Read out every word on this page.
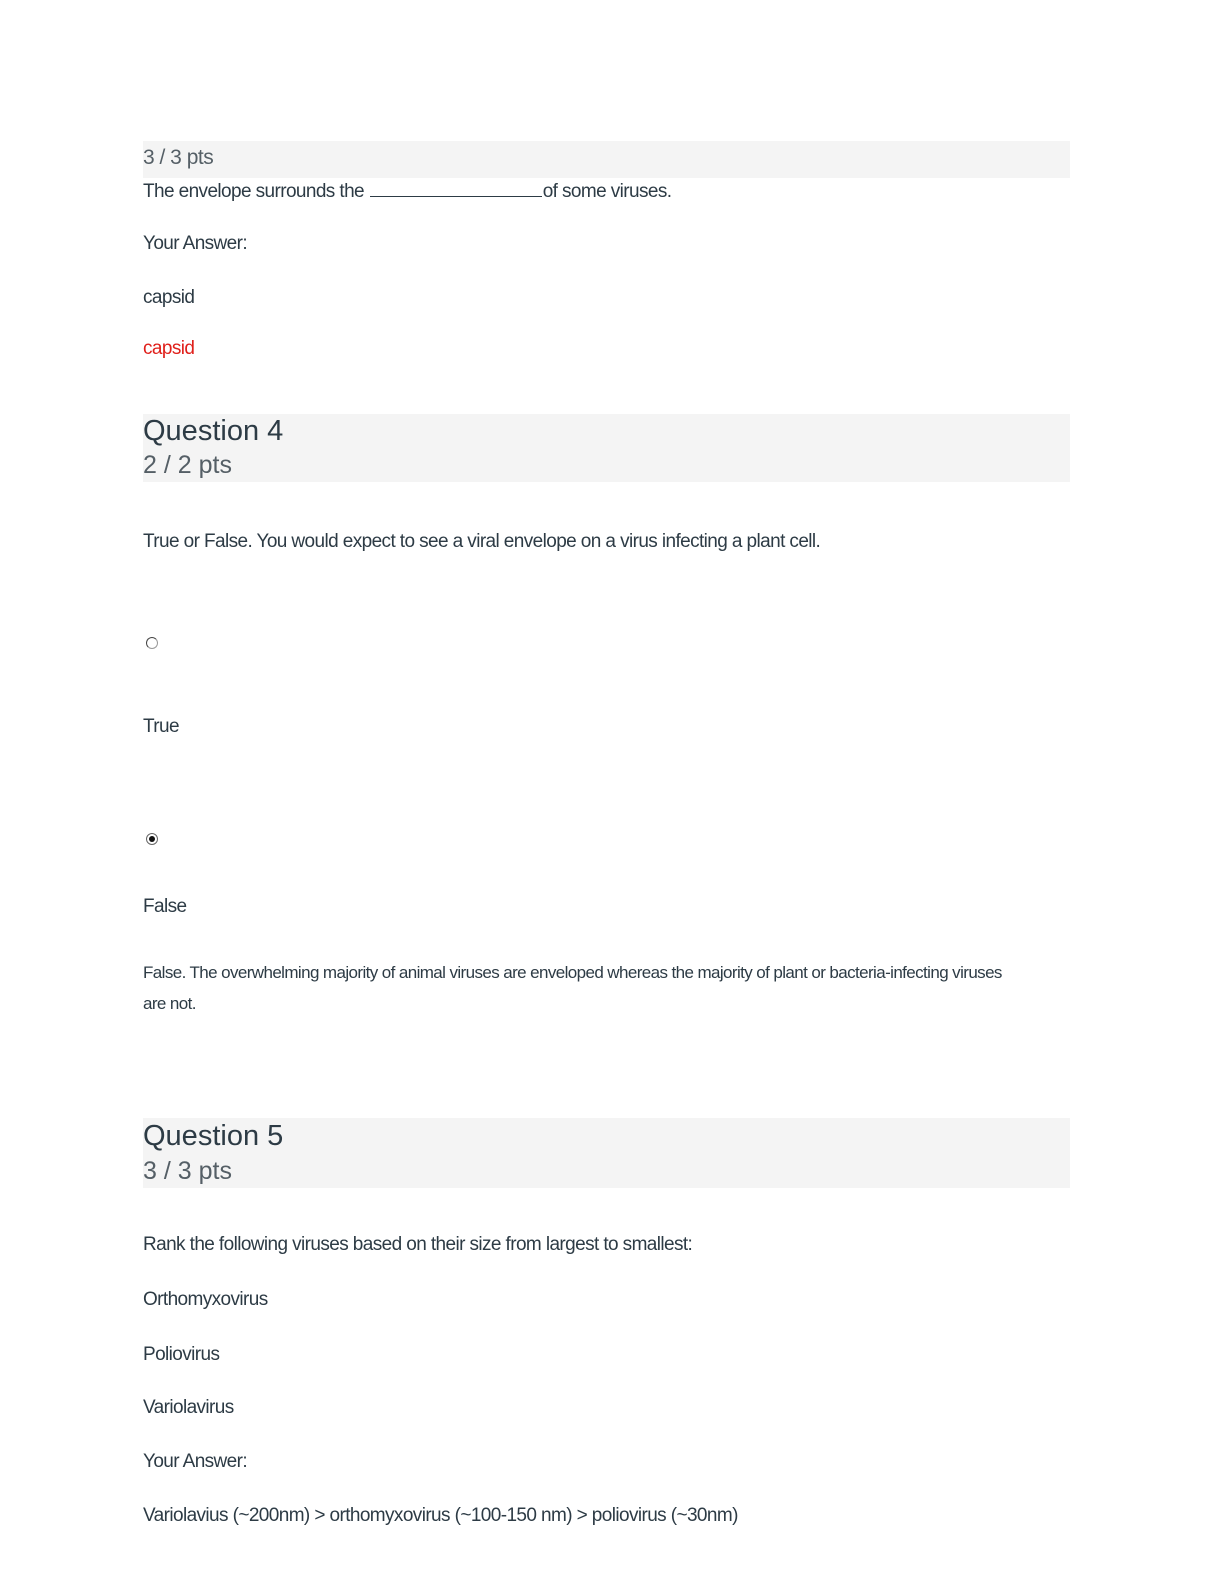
3 / 3 pts
The envelope surrounds the	of some viruses.
Your Answer:
capsid
capsid
Question 4
2 / 2 pts
True or False. You would expect to see a viral envelope on a virus infecting a plant cell.
True
False
False. The overwhelming majority of animal viruses are enveloped whereas the majority of plant or bacteria-infecting viruses are not.
Question 5
3 / 3 pts
Rank the following viruses based on their size from largest to smallest:
Orthomyxovirus
Poliovirus
Variolavirus
Your Answer:
Variolavius (~200nm) > orthomyxovirus (~100-150 nm) > poliovirus (~30nm)
